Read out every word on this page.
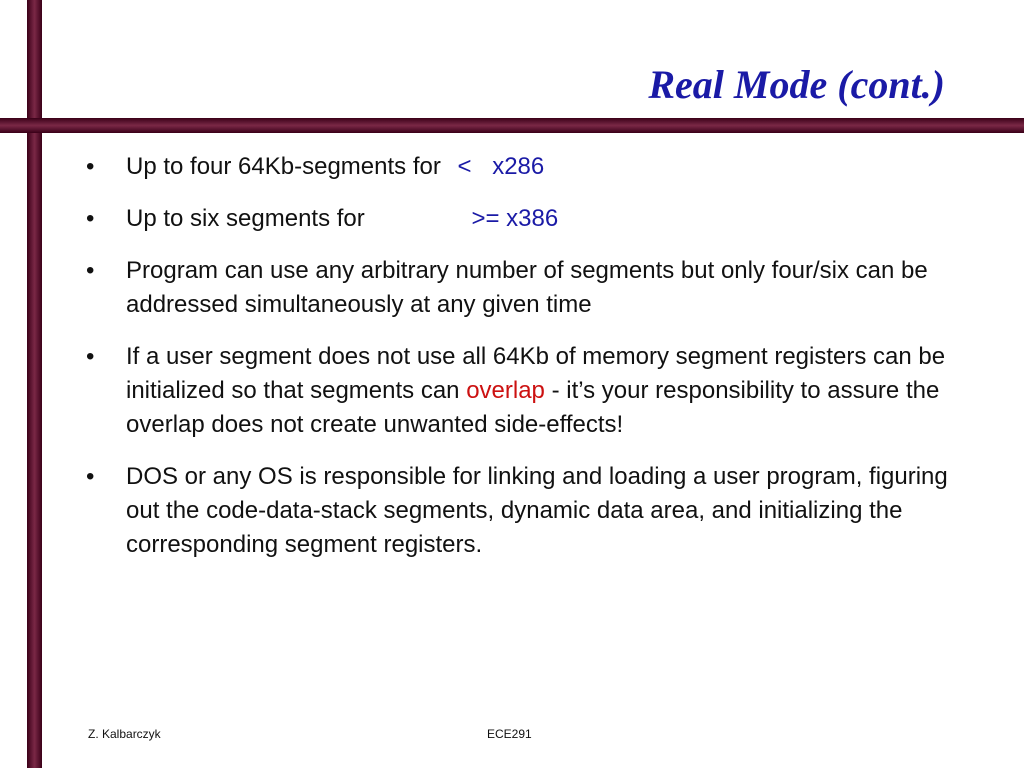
Real Mode (cont.)
• Up to four 64Kb-segments for < x286
• Up to six segments for	>= x386
• Program can use any arbitrary number of segments but only four/six can be addressed simultaneously at any given time
• If a user segment does not use all 64Kb of memory segment registers can be initialized so that segments can overlap - it’s your responsibility to assure the overlap does not create unwanted side-effects!
• DOS or any OS is responsible for linking and loading a user program, figuring out the code-data-stack segments, dynamic data area, and initializing the corresponding segment registers.
Z. Kalbarczyk	ECE291
